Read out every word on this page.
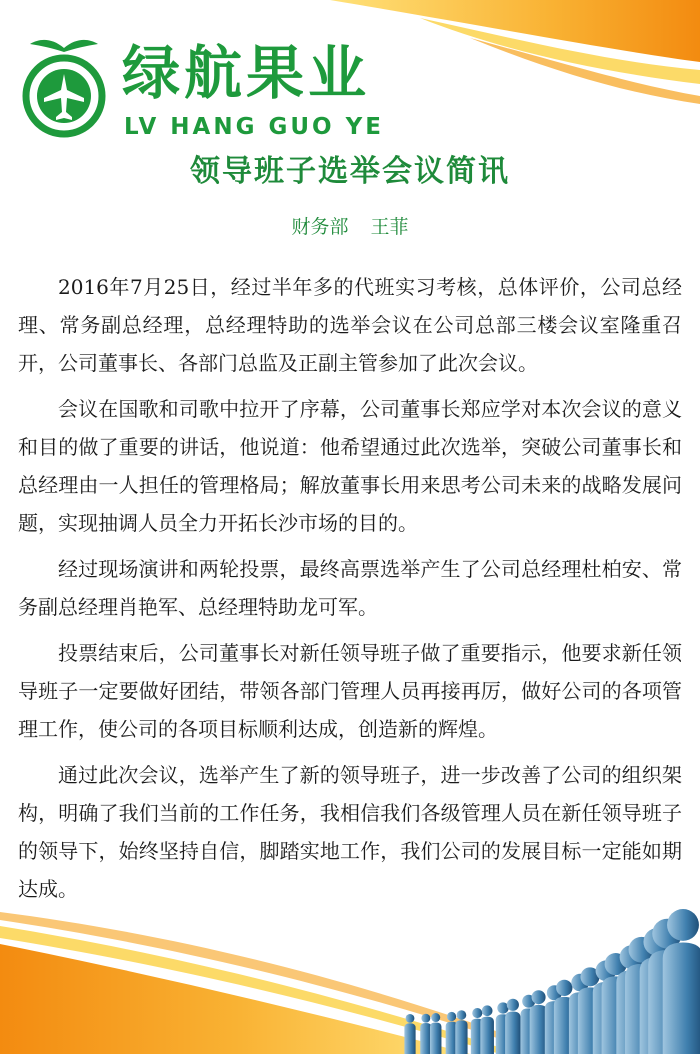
绿航果业
LV HANG GUO YE
领导班子选举会议简讯
财务部 王菲

2016年7月25日，经过半年多的代班实习考核，总体评价，公司总经理、常务副总经理，总经理特助的选举会议在公司总部三楼会议室隆重召开，公司董事长、各部门总监及正副主管参加了此次会议。

会议在国歌和司歌中拉开了序幕，公司董事长郑应学对本次会议的意义和目的做了重要的讲话，他说道：他希望通过此次选举，突破公司董事长和总经理由一人担任的管理格局；解放董事长用来思考公司未来的战略发展问题，实现抽调人员全力开拓长沙市场的目的。

经过现场演讲和两轮投票，最终高票选举产生了公司总经理杜柏安、常务副总经理肖艳军、总经理特助龙可军。

投票结束后，公司董事长对新任领导班子做了重要指示，他要求新任领导班子一定要做好团结，带领各部门管理人员再接再厉，做好公司的各项管理工作，使公司的各项目标顺利达成，创造新的辉煌。

通过此次会议，选举产生了新的领导班子，进一步改善了公司的组织架构，明确了我们当前的工作任务，我相信我们各级管理人员在新任领导班子的领导下，始终坚持自信，脚踏实地工作，我们公司的发展目标一定能如期达成。
